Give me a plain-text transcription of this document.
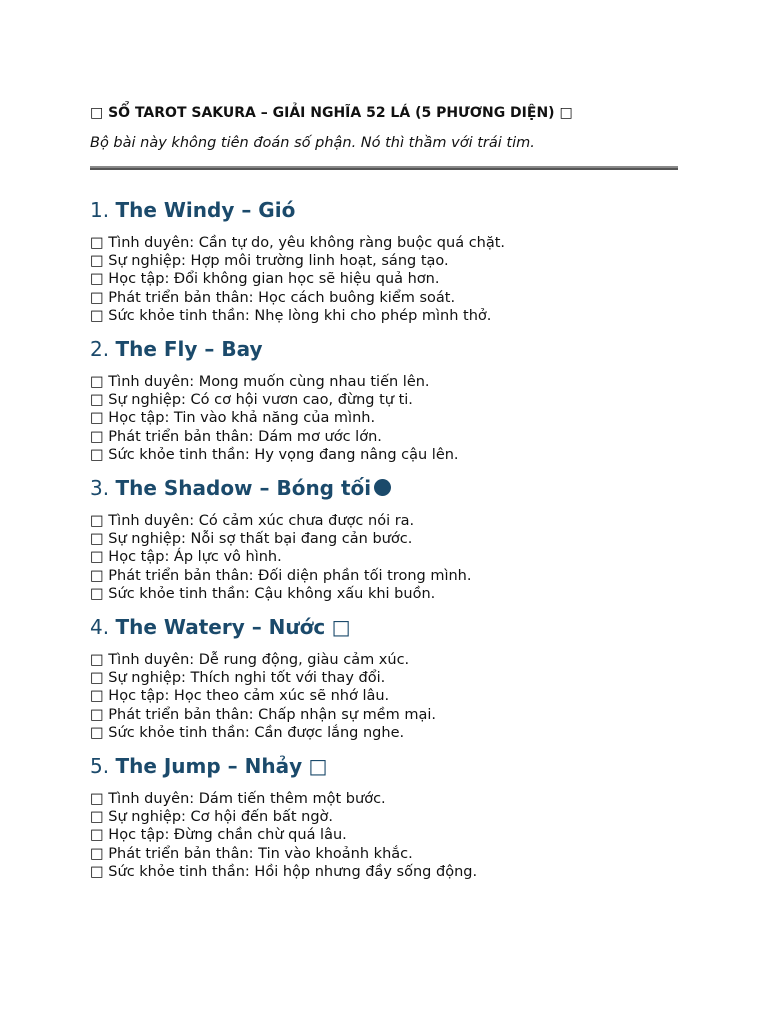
□ SỔ TAROT SAKURA – GIẢI NGHĨA 52 LÁ (5 PHƯƠNG DIỆN) □

Bộ bài này không tiên đoán số phận. Nó thì thầm với trái tim.

1. The Windy – Gió
□ Tình duyên: Cần tự do, yêu không ràng buộc quá chặt.
□ Sự nghiệp: Hợp môi trường linh hoạt, sáng tạo.
□ Học tập: Đổi không gian học sẽ hiệu quả hơn.
□ Phát triển bản thân: Học cách buông kiểm soát.
□ Sức khỏe tinh thần: Nhẹ lòng khi cho phép mình thở.
2. The Fly – Bay
□ Tình duyên: Mong muốn cùng nhau tiến lên.
□ Sự nghiệp: Có cơ hội vươn cao, đừng tự ti.
□ Học tập: Tin vào khả năng của mình.
□ Phát triển bản thân: Dám mơ ước lớn.
□ Sức khỏe tinh thần: Hy vọng đang nâng cậu lên.
3. The Shadow – Bóng tối
□ Tình duyên: Có cảm xúc chưa được nói ra.
□ Sự nghiệp: Nỗi sợ thất bại đang cản bước.
□ Học tập: Áp lực vô hình.
□ Phát triển bản thân: Đối diện phần tối trong mình.
□ Sức khỏe tinh thần: Cậu không xấu khi buồn.
4. The Watery – Nước □
□ Tình duyên: Dễ rung động, giàu cảm xúc.
□ Sự nghiệp: Thích nghi tốt với thay đổi.
□ Học tập: Học theo cảm xúc sẽ nhớ lâu.
□ Phát triển bản thân: Chấp nhận sự mềm mại.
□ Sức khỏe tinh thần: Cần được lắng nghe.
5. The Jump – Nhảy □
□ Tình duyên: Dám tiến thêm một bước.
□ Sự nghiệp: Cơ hội đến bất ngờ.
□ Học tập: Đừng chần chừ quá lâu.
□ Phát triển bản thân: Tin vào khoảnh khắc.
□ Sức khỏe tinh thần: Hồi hộp nhưng đầy sống động.
